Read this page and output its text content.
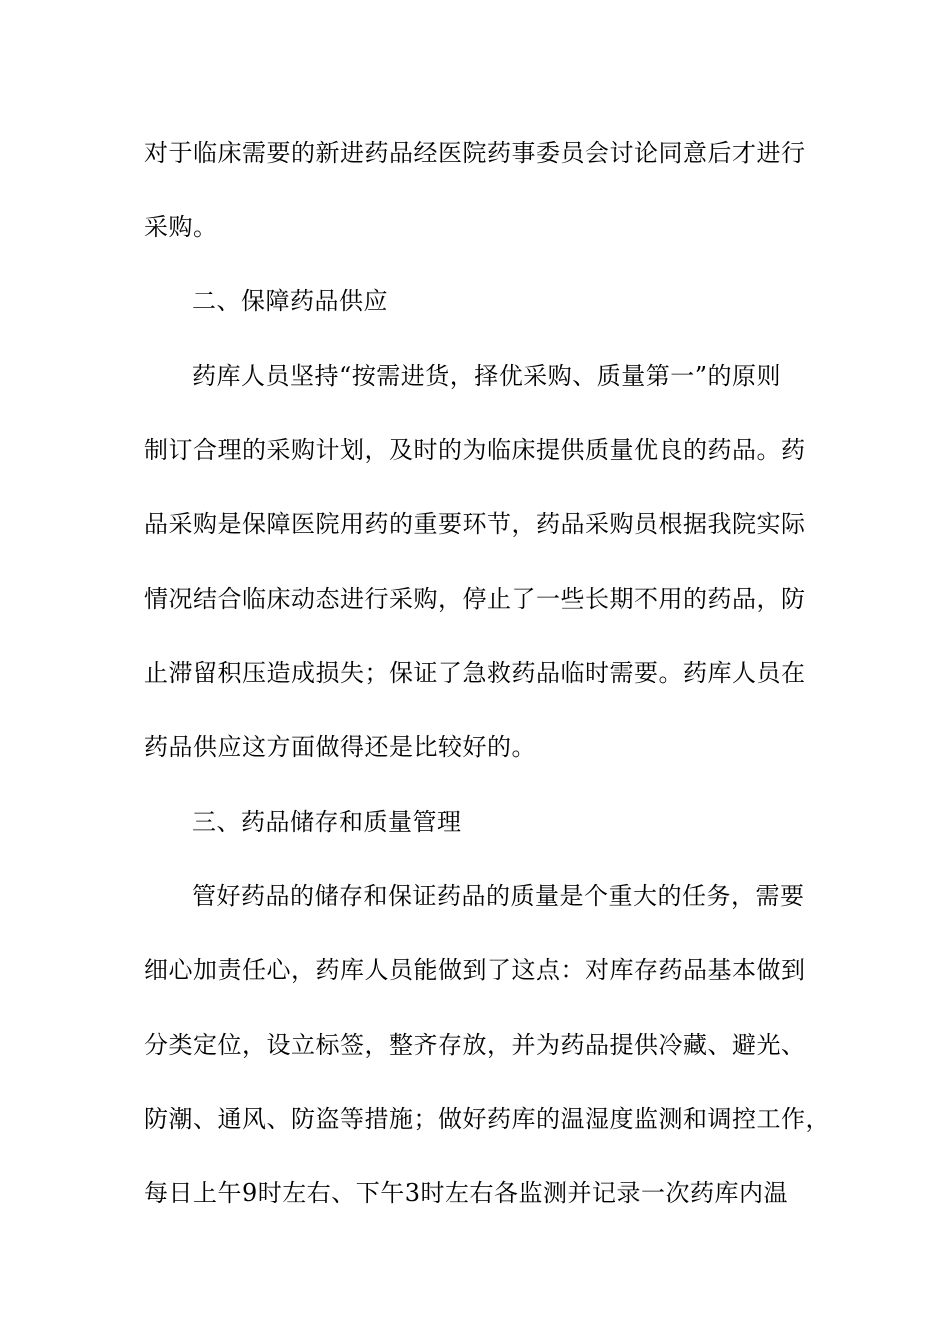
对于临床需要的新进药品经医院药事委员会讨论同意后才进行
采购。
二、保障药品供应
药库人员坚持“按需进货，择优采购、质量第一”的原则
制订合理的采购计划，及时的为临床提供质量优良的药品。药
品采购是保障医院用药的重要环节，药品采购员根据我院实际
情况结合临床动态进行采购，停止了一些长期不用的药品，防
止滞留积压造成损失；保证了急救药品临时需要。药库人员在
药品供应这方面做得还是比较好的。
三、药品储存和质量管理
管好药品的储存和保证药品的质量是个重大的任务，需要
细心加责任心，药库人员能做到了这点：对库存药品基本做到
分类定位，设立标签，整齐存放，并为药品提供冷藏、避光、
防潮、通风、防盗等措施；做好药库的温湿度监测和调控工作，
每日上午9时左右、下午3时左右各监测并记录一次药库内温
